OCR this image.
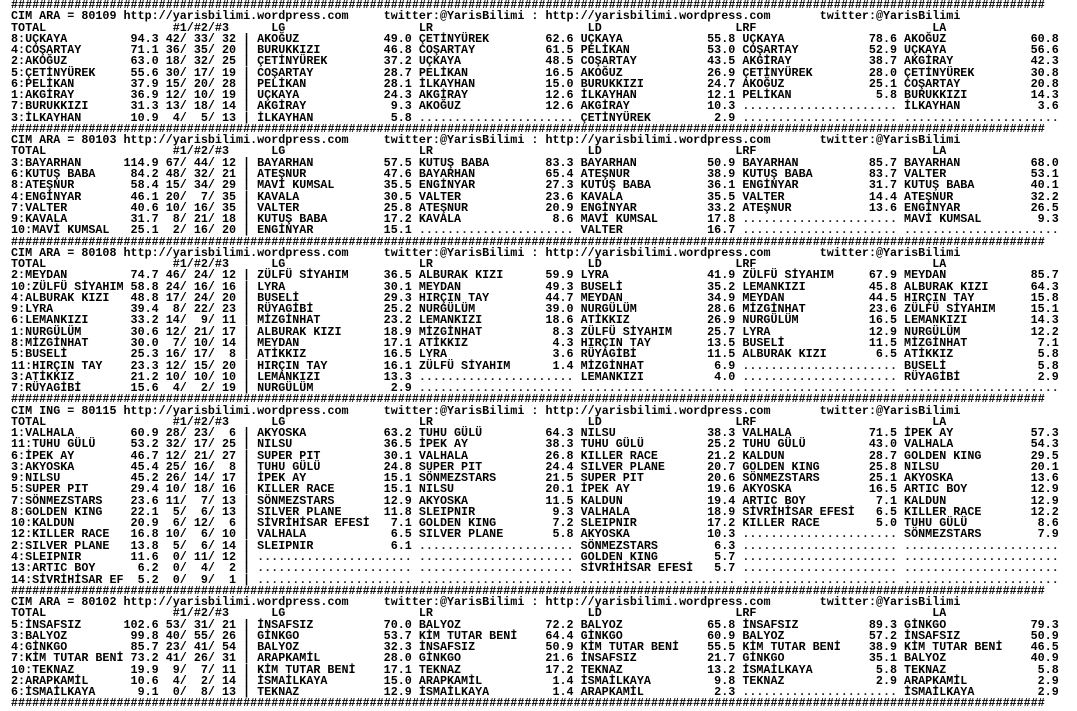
###################################################################################################################################################
CIM ARA = 80109 http://yarisbilimi.wordpress.com	twitter:@YarisBilimi : http://yarisbilimi.wordpress.com	twitter:@YarisBilimi
TOTAL	#1/#2/#3	LG	LR	LD	LRF	LA
8:UÇKAYA	94.3 42/ 33/ 32 | AKOĞUZ	49.0 ÇETİNYÜREK	62.6 UÇKAYA	55.8 UÇKAYA	78.6 AKOĞUZ	60.8
4:COŞARTAY	71.1 36/ 35/ 20 | BURUKKIZI	46.8 COŞARTAY	61.5 PELİKAN	53.0 COŞARTAY	52.9 UÇKAYA	56.6
2:AKOĞUZ	63.0 18/ 32/ 25 | ÇETİNYÜREK	37.2 UÇKAYA	48.5 COŞARTAY	43.5 AKGİRAY	38.7 AKGİRAY	42.3
5:ÇETİNYÜREK	55.6 30/ 17/ 19 | COŞARTAY	28.7 PELİKAN	16.5 AKOĞUZ	26.9 ÇETİNYÜREK	28.0 ÇETİNYÜREK	30.8
6:PELİKAN	37.9 15/ 20/ 28 | PELİKAN	28.1 İLKAYHAN	15.0 BURUKKIZI	24.7 AKOĞUZ	25.1 COŞARTAY	20.8
1:AKGİRAY	36.9 12/ 10/ 19 | UÇKAYA	24.3 AKGİRAY	12.6 İLKAYHAN	12.1 PELİKAN	5.8 BURUKKIZI	14.3
7:BURUKKIZI	31.3 13/ 18/ 14 | AKGİRAY	9.3 AKOĞUZ	12.6 AKGİRAY	10.3 ...................... İLKAYHAN	3.6
3:İLKAYHAN	10.9 4/ 5/ 13 | İLKAYHAN	5.8 ...................... ÇETİNYÜREK	2.9 ...................... ......................
###################################################################################################################################################
CIM ARA = 80103 http://yarisbilimi.wordpress.com	twitter:@YarisBilimi : http://yarisbilimi.wordpress.com	twitter:@YarisBilimi
TOTAL	#1/#2/#3	LG	LR	LD	LRF	LA
3:BAYARHAN	114.9 67/ 44/ 12 | BAYARHAN	57.5 KUTUŞ BABA	83.3 BAYARHAN	50.9 BAYARHAN	85.7 BAYARHAN	68.0
6:KUTUŞ BABA	84.2 48/ 32/ 21 | ATEŞNUR	47.6 BAYARHAN	65.4 ATEŞNUR	38.9 KUTUŞ BABA	83.7 VALTER	53.1
8:ATEŞNUR	58.4 15/ 34/ 29 | MAVİ KUMSAL	35.5 ENGİNYAR	27.3 KUTUŞ BABA	36.1 ENGİNYAR	31.7 KUTUŞ BABA	40.1
4:ENGİNYAR	46.1 20/ 7/ 35 | KAVALA	30.5 VALTER	23.6 KAVALA	35.5 VALTER	14.4 ATEŞNUR	32.2
7:VALTER	40.6 10/ 16/ 35 | VALTER	25.8 ATEŞNUR	20.9 ENGİNYAR	33.2 ATEŞNUR	13.6 ENGİNYAR	26.5
9:KAVALA	31.7 8/ 21/ 18 | KUTUŞ BABA	17.2 KAVALA	8.6 MAVİ KUMSAL	17.8 ...................... MAVİ KUMSAL	9.3
10:MAVİ KUMSAL 25.1 2/ 16/ 20 | ENGİNYAR	15.1 ...................... VALTER	16.7 ...................... ......................
###################################################################################################################################################
CIM ARA = 80108 http://yarisbilimi.wordpress.com	twitter:@YarisBilimi : http://yarisbilimi.wordpress.com	twitter:@YarisBilimi
TOTAL	#1/#2/#3	LG	LR	LD	LRF	LA
2:MEYDAN	74.7 46/ 24/ 12 | ZÜLFÜ SİYAHIM	36.5 ALBURAK KIZI	59.9 LYRA	41.9 ZÜLFÜ SİYAHIM	67.9 MEYDAN	85.7
10:ZÜLFÜ SİYAHIM 58.8 24/ 16/ 16 | LYRA	30.1 MEYDAN	49.3 BUSELİ	35.2 LEMANKIZI	45.8 ALBURAK KIZI	64.3
4:ALBURAK KIZI 48.8 17/ 24/ 20 | BUSELİ	29.3 HIRÇIN TAY	44.7 MEYDAN	34.9 MEYDAN	44.5 HIRÇIN TAY	15.8
9:LYRA	39.4 8/ 22/ 23 | RÜYAGİBİ	25.2 NURGÜLÜM	39.0 NURGÜLÜM	28.6 MİZGİNHAT	23.6 ZÜLFÜ SİYAHIM	15.1
6:LEMANKIZI	33.2 14/ 9/ 11 | MİZGİNHAT	23.2 LEMANKIZI	18.6 ATİKKIZ	26.9 NURGÜLÜM	16.5 LEMANKIZI	14.3
1:NURGÜLÜM	30.6 12/ 21/ 17 | ALBURAK KIZI	18.9 MİZGİNHAT	8.3 ZÜLFÜ SİYAHIM	25.7 LYRA	12.9 NURGÜLÜM	12.2
8:MİZGİNHAT	30.0 7/ 10/ 14 | MEYDAN	17.1 ATİKKIZ	4.3 HIRÇIN TAY	13.5 BUSELİ	11.5 MİZGİNHAT	7.1
5:BUSELİ	25.3 16/ 17/ 8 | ATİKKIZ	16.5 LYRA	3.6 RÜYAGİBİ	11.5 ALBURAK KIZI	6.5 ATİKKIZ	5.8
11:HIRÇIN TAY 23.3 12/ 15/ 20 | HIRÇIN TAY	16.1 ZÜLFÜ SİYAHIM	1.4 MİZGİNHAT	6.9 ...................... BUSELİ	5.8
3:ATİKKIZ	21.2 10/ 10/ 10 | LEMANKIZI	13.3 ...................... LEMANKIZI	4.0 ...................... RÜYAGİBİ	2.9
7:RÜYAGİBİ	15.6 4/ 2/ 19 | NURGÜLÜM	2.9 ...................... ...................... ...................... ......................
###################################################################################################################################################
CIM ING = 80115 http://yarisbilimi.wordpress.com	twitter:@YarisBilimi : http://yarisbilimi.wordpress.com	twitter:@YarisBilimi
TOTAL	#1/#2/#3	LG	LR	LD	LRF	LA
1:VALHALA	60.9 28/ 23/ 6 | AKYOSKA	63.2 TUHU GÜLÜ	64.3 NILSU	38.3 VALHALA	71.5 İPEK AY	57.3
11:TUHU GÜLÜ	53.2 32/ 17/ 25 | NILSU	36.5 İPEK AY	38.3 TUHU GÜLÜ	25.2 TUHU GÜLÜ	43.0 VALHALA	54.3
6:İPEK AY	46.7 12/ 21/ 27 | SUPER PIT	30.1 VALHALA	26.8 KILLER RACE	21.2 KALDUN	28.7 GOLDEN KING	29.5
3:AKYOSKA	45.4 25/ 16/ 8 | TUHU GÜLÜ	24.8 SUPER PIT	24.4 SILVER PLANE	20.7 GOLDEN KING	25.8 NILSU	20.1
9:NILSU	45.2 26/ 14/ 17 | İPEK AY	15.1 SÖNMEZSTARS	21.5 SUPER PIT	20.6 SÖNMEZSTARS	25.1 AKYOSKA	13.6
5:SUPER PIT	29.4 10/ 18/ 16 | KILLER RACE	15.1 NILSU	20.1 İPEK AY	19.6 AKYOSKA	16.5 ARTIC BOY	12.9
7:SÖNMEZSTARS 23.6 11/ 7/ 13 | SÖNMEZSTARS	12.9 AKYOSKA	11.5 KALDUN	19.4 ARTIC BOY	7.1 KALDUN	12.9
8:GOLDEN KING 22.1 5/ 6/ 13 | SILVER PLANE	11.8 SLEIPNIR	9.3 VALHALA	18.9 SİVRİHİSAR EFESİ 6.5 KILLER RACE	12.2
10:KALDUN	20.9 6/ 12/ 6 | SİVRİHİSAR EFESİ 7.1 GOLDEN KING	7.2 SLEIPNIR	17.2 KILLER RACE	5.0 TUHU GÜLÜ	8.6
12:KILLER RACE 16.8 10/ 6/ 10 | VALHALA	6.5 SILVER PLANE	5.8 AKYOSKA	10.3 ...................... SÖNMEZSTARS	7.9
2:SILVER PLANE 13.8 5/ 6/ 14 | SLEIPNIR	6.1 ...................... SÖNMEZSTARS	6.3 ...................... ......................
4:SLEIPNIR	11.6 0/ 11/ 12 | ...................... ...................... GOLDEN KING	5.7 ...................... ......................
13:ARTIC BOY	6.2 0/ 4/ 2 | ...................... ...................... SİVRİHİSAR EFESİ 5.7 ...................... ......................
14:SİVRİHİSAR EF 5.2 0/ 9/ 1 | ...................... ...................... ...................... ...................... ......................
###################################################################################################################################################
CIM ARA = 80102 http://yarisbilimi.wordpress.com	twitter:@YarisBilimi : http://yarisbilimi.wordpress.com	twitter:@YarisBilimi
TOTAL	#1/#2/#3	LG	LR	LD	LRF	LA
5:İNSAFSIZ	102.6 53/ 31/ 21 | İNSAFSIZ	70.0 BALYOZ	72.2 BALYOZ	65.8 İNSAFSIZ	89.3 GİNKGO	79.3
3:BALYOZ	99.8 40/ 55/ 26 | GİNKGO	53.7 KİM TUTAR BENİ 64.4 GİNKGO	60.9 BALYOZ	57.2 İNSAFSIZ	50.9
4:GİNKGO	85.7 23/ 41/ 54 | BALYOZ	32.3 İNSAFSIZ	50.9 KİM TUTAR BENİ 55.5 KİM TUTAR BENİ 38.9 KİM TUTAR BENİ 46.5
7:KİM TUTAR BENİ 73.2 41/ 26/ 31 | ARAPKAMİL	28.0 GİNKGO	21.6 İNSAFSIZ	21.7 GİNKGO	35.1 BALYOZ	40.9
10:TEKNAZ	19.9 9/ 7/ 11 | KİM TUTAR BENİ 17.1 TEKNAZ	17.2 TEKNAZ	13.2 İSMAİLKAYA	5.8 TEKNAZ	5.8
2:ARAPKAMİL	10.6 4/ 2/ 14 | İSMAİLKAYA	15.0 ARAPKAMİL	1.4 İSMAİLKAYA	9.8 TEKNAZ	2.9 ARAPKAMİL	2.9
6:İSMAİLKAYA	9.1 0/ 8/ 13 | TEKNAZ	12.9 İSMAİLKAYA	1.4 ARAPKAMİL	2.3 ...................... İSMAİLKAYA	2.9
###################################################################################################################################################
